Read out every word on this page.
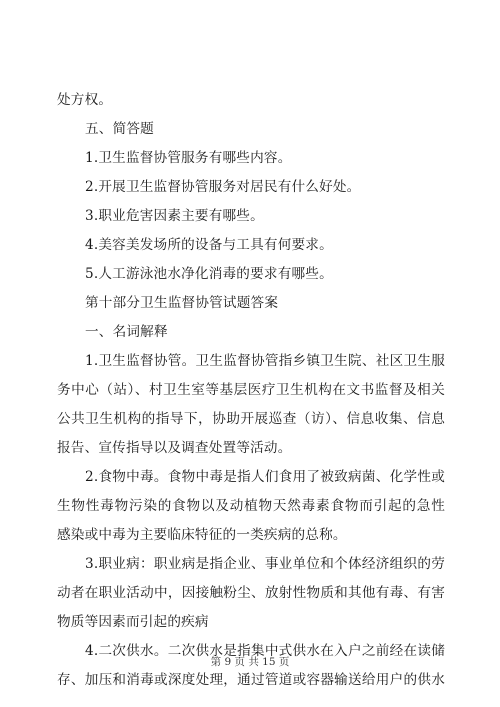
处方权。
五、简答题
1.卫生监督协管服务有哪些内容。
2.开展卫生监督协管服务对居民有什么好处。
3.职业危害因素主要有哪些。
4.美容美发场所的设备与工具有何要求。
5.人工游泳池水净化消毒的要求有哪些。
第十部分卫生监督协管试题答案
一、名词解释
1.卫生监督协管。卫生监督协管指乡镇卫生院、社区卫生服
务中心（站）、村卫生室等基层医疗卫生机构在文书监督及相关
公共卫生机构的指导下，协助开展巡查（访）、信息收集、信息
报告、宣传指导以及调查处置等活动。
2.食物中毒。食物中毒是指人们食用了被致病菌、化学性或
生物性毒物污染的食物以及动植物天然毒素食物而引起的急性
感染或中毒为主要临床特征的一类疾病的总称。
3.职业病：职业病是指企业、事业单位和个体经济组织的劳
动者在职业活动中，因接触粉尘、放射性物质和其他有毒、有害
物质等因素而引起的疾病
4.二次供水。二次供水是指集中式供水在入户之前经在读储
存、加压和消毒或深度处理，通过管道或容器输送给用户的供水
第 9 页 共 15 页
